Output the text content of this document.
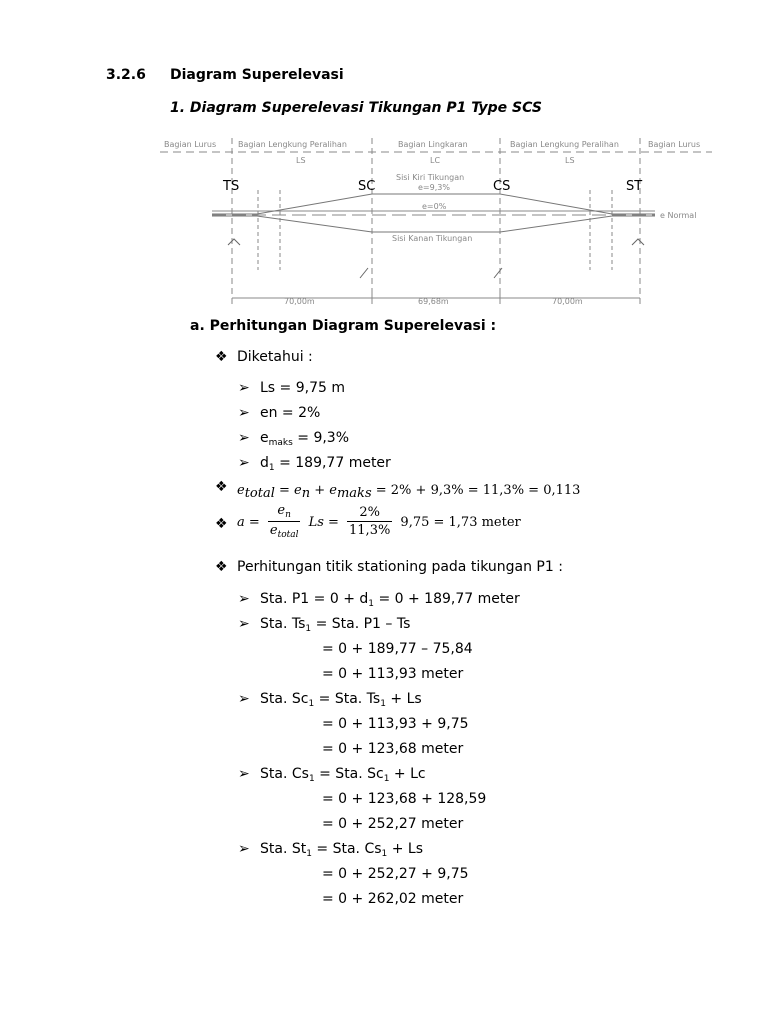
3.2.6 Diagram Superelevasi
1. Diagram Superelevasi Tikungan P1 Type SCS
Bagian Lurus	Bagian Lengkung Peralihan	Bagian Lingkaran	Bagian Lengkung Peralihan	Bagian Lurus
LS	LC	LS
Sisi Kiri Tikungan
e=9,3%
e=0%
e Normal
Sisi Kanan Tikungan
70,00m	69,68m	70,00m
TS	SC	CS	ST
a. Perhitungan Diagram Superelevasi :
❖ Diketahui :
➢ Ls = 9,75 m
➢ en = 2%
➢ $e_{maks} = 9,3\%$
➢ $d_1 = 189,77$ meter
❖ $e_{total} = e_n + e_{maks} = 2\% + 9,3\% = 11,3\% = 0,113$
❖ $a = \frac{e_n}{e_{total}}$ $Ls = \frac{2\%}{11,3\%} 9,75 = 1,73$ meter
❖ Perhitungan titik stationing pada tikungan P1 :
➢ Sta. $P1 = 0 + d_1 = 0 + 189,77$ meter
➢ Sta. $Ts_1$ = Sta. P1 – Ts
= 0 + 189,77 – 75,84
= 0 + 113,93 meter
➢ Sta. $Sc_1$ = Sta. $Ts_1 + Ls$
= 0 + 113,93 + 9,75
= 0 + 123,68 meter
➢ Sta. $Cs_1$ = Sta. $Sc_1 + Lc$
= 0 + 123,68 + 128,59
= 0 + 252,27 meter
➢ Sta. $St_1$ = Sta. $Cs_1 + Ls$
= 0 + 252,27 + 9,75
= 0 + 262,02 meter
